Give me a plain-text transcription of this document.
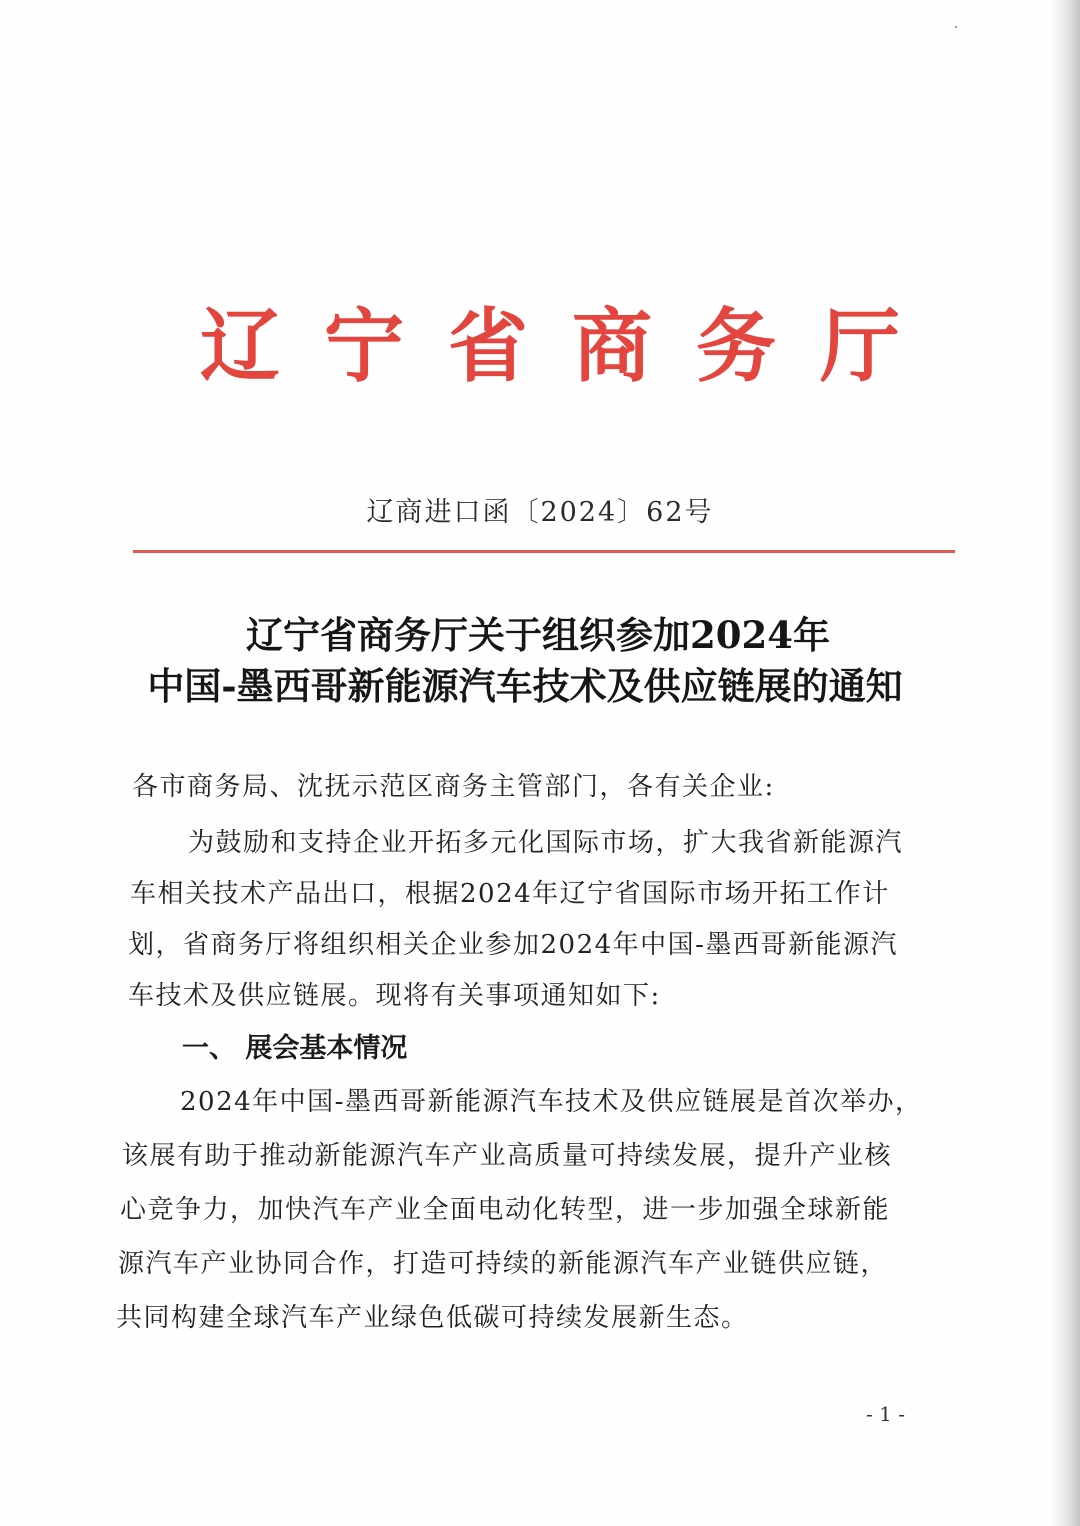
辽 宁 省 商 务 厅
辽商进口函〔2024〕62号
辽宁省商务厅关于组织参加2024年
中国-墨西哥新能源汽车技术及供应链展的通知
各市商务局、沈抚示范区商务主管部门，各有关企业:
为鼓励和支持企业开拓多元化国际市场，扩大我省新能源汽
车相关技术产品出口，根据2024年辽宁省国际市场开拓工作计
划，省商务厅将组织相关企业参加2024年中国-墨西哥新能源汽
车技术及供应链展。现将有关事项通知如下:
一、 展会基本情况
2024年中国-墨西哥新能源汽车技术及供应链展是首次举办，
该展有助于推动新能源汽车产业高质量可持续发展，提升产业核
心竞争力，加快汽车产业全面电动化转型，进一步加强全球新能
源汽车产业协同合作，打造可持续的新能源汽车产业链供应链，
共同构建全球汽车产业绿色低碳可持续发展新生态。
- 1 -
